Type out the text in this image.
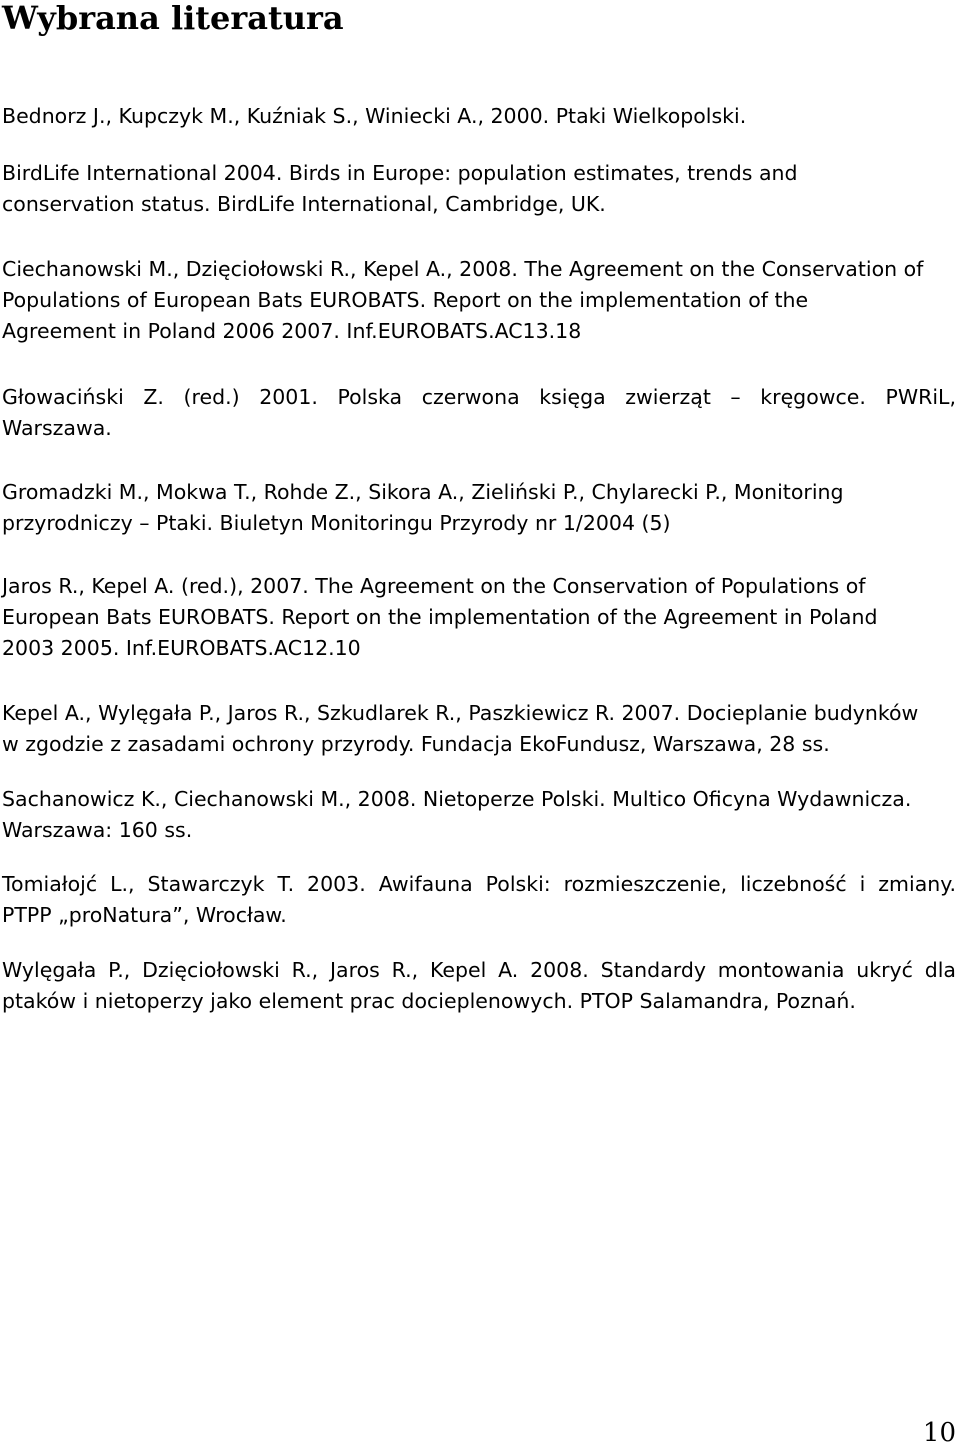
Wybrana literatura

Bednorz J., Kupczyk M., Kuźniak S., Winiecki A., 2000. Ptaki Wielkopolski.

BirdLife International 2004. Birds in Europe: population estimates, trends and
conservation status. BirdLife International, Cambridge, UK.

Ciechanowski M., Dzięciołowski R., Kepel A., 2008. The Agreement on the Conservation of
Populations of European Bats EUROBATS. Report on the implementation of the
Agreement in Poland 2006 2007. Inf.EUROBATS.AC13.18

Głowaciński Z. (red.) 2001. Polska czerwona księga zwierząt – kręgowce. PWRiL,
Warszawa.

Gromadzki M., Mokwa T., Rohde Z., Sikora A., Zieliński P., Chylarecki P., Monitoring
przyrodniczy – Ptaki. Biuletyn Monitoringu Przyrody nr 1/2004 (5)

Jaros R., Kepel A. (red.), 2007. The Agreement on the Conservation of Populations of
European Bats EUROBATS. Report on the implementation of the Agreement in Poland
2003 2005. Inf.EUROBATS.AC12.10

Kepel A., Wylęgała P., Jaros R., Szkudlarek R., Paszkiewicz R. 2007. Docieplanie budynków
w zgodzie z zasadami ochrony przyrody. Fundacja EkoFundusz, Warszawa, 28 ss.

Sachanowicz K., Ciechanowski M., 2008. Nietoperze Polski. Multico Oficyna Wydawnicza.
Warszawa: 160 ss.

Tomiałojć L., Stawarczyk T. 2003. Awifauna Polski: rozmieszczenie, liczebność i zmiany.
PTPP „proNatura”, Wrocław.

Wylęgała P., Dzięciołowski R., Jaros R., Kepel A. 2008. Standardy montowania ukryć dla
ptaków i nietoperzy jako element prac docieplenowych. PTOP Salamandra, Poznań.

10
